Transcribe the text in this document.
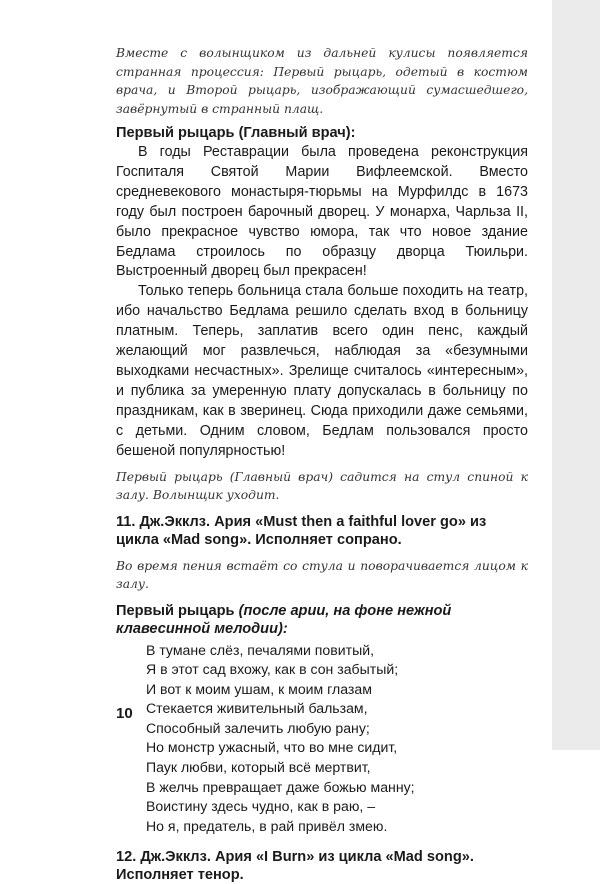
Вместе с волынщиком из дальней кулисы появляется странная процессия: Первый рыцарь, одетый в костюм врача, и Второй рыцарь, изображающий сумасшедшего, завёрнутый в странный плащ.

Первый рыцарь (Главный врач):

В годы Реставрации была проведена реконструкция Госпиталя Святой Марии Вифлеемской. Вместо средневекового монастыря-тюрьмы на Мурфилдс в 1673 году был построен барочный дворец. У монарха, Чарльза II, было прекрасное чувство юмора, так что новое здание Бедлама строилось по образцу дворца Тюильри. Выстроенный дворец был прекрасен!

Только теперь больница стала больше походить на театр, ибо начальство Бедлама решило сделать вход в больницу платным. Теперь, заплатив всего один пенс, каждый желающий мог развлечься, наблюдая за «безумными выходками несчастных». Зрелище считалось «интересным», и публика за умеренную плату допускалась в больницу по праздникам, как в зверинец. Сюда приходили даже семьями, с детьми. Одним словом, Бедлам пользовался просто бешеной популярностью!

Первый рыцарь (Главный врач) садится на стул спиной к залу. Волынщик уходит.

11. Дж.Экклз. Ария «Must then a faithful lover go» из цикла «Mad song». Исполняет сопрано.

Во время пения встаёт со стула и поворачивается лицом к залу.

Первый рыцарь (после арии, на фоне нежной клавесинной мелодии):

В тумане слёз, печалями повитый,
Я в этот сад вхожу, как в сон забытый;
И вот к моим ушам, к моим глазам
Стекается живительный бальзам,
Способный залечить любую рану;
Но монстр ужасный, что во мне сидит,
Паук любви, который всё мертвит,
В желчь превращает даже божью манну;
Воистину здесь чудно, как в раю, –
Но я, предатель, в рай привёл змею.

12. Дж.Экклз. Ария «I Burn» из цикла «Mad song». Исполняет тенор.

10
